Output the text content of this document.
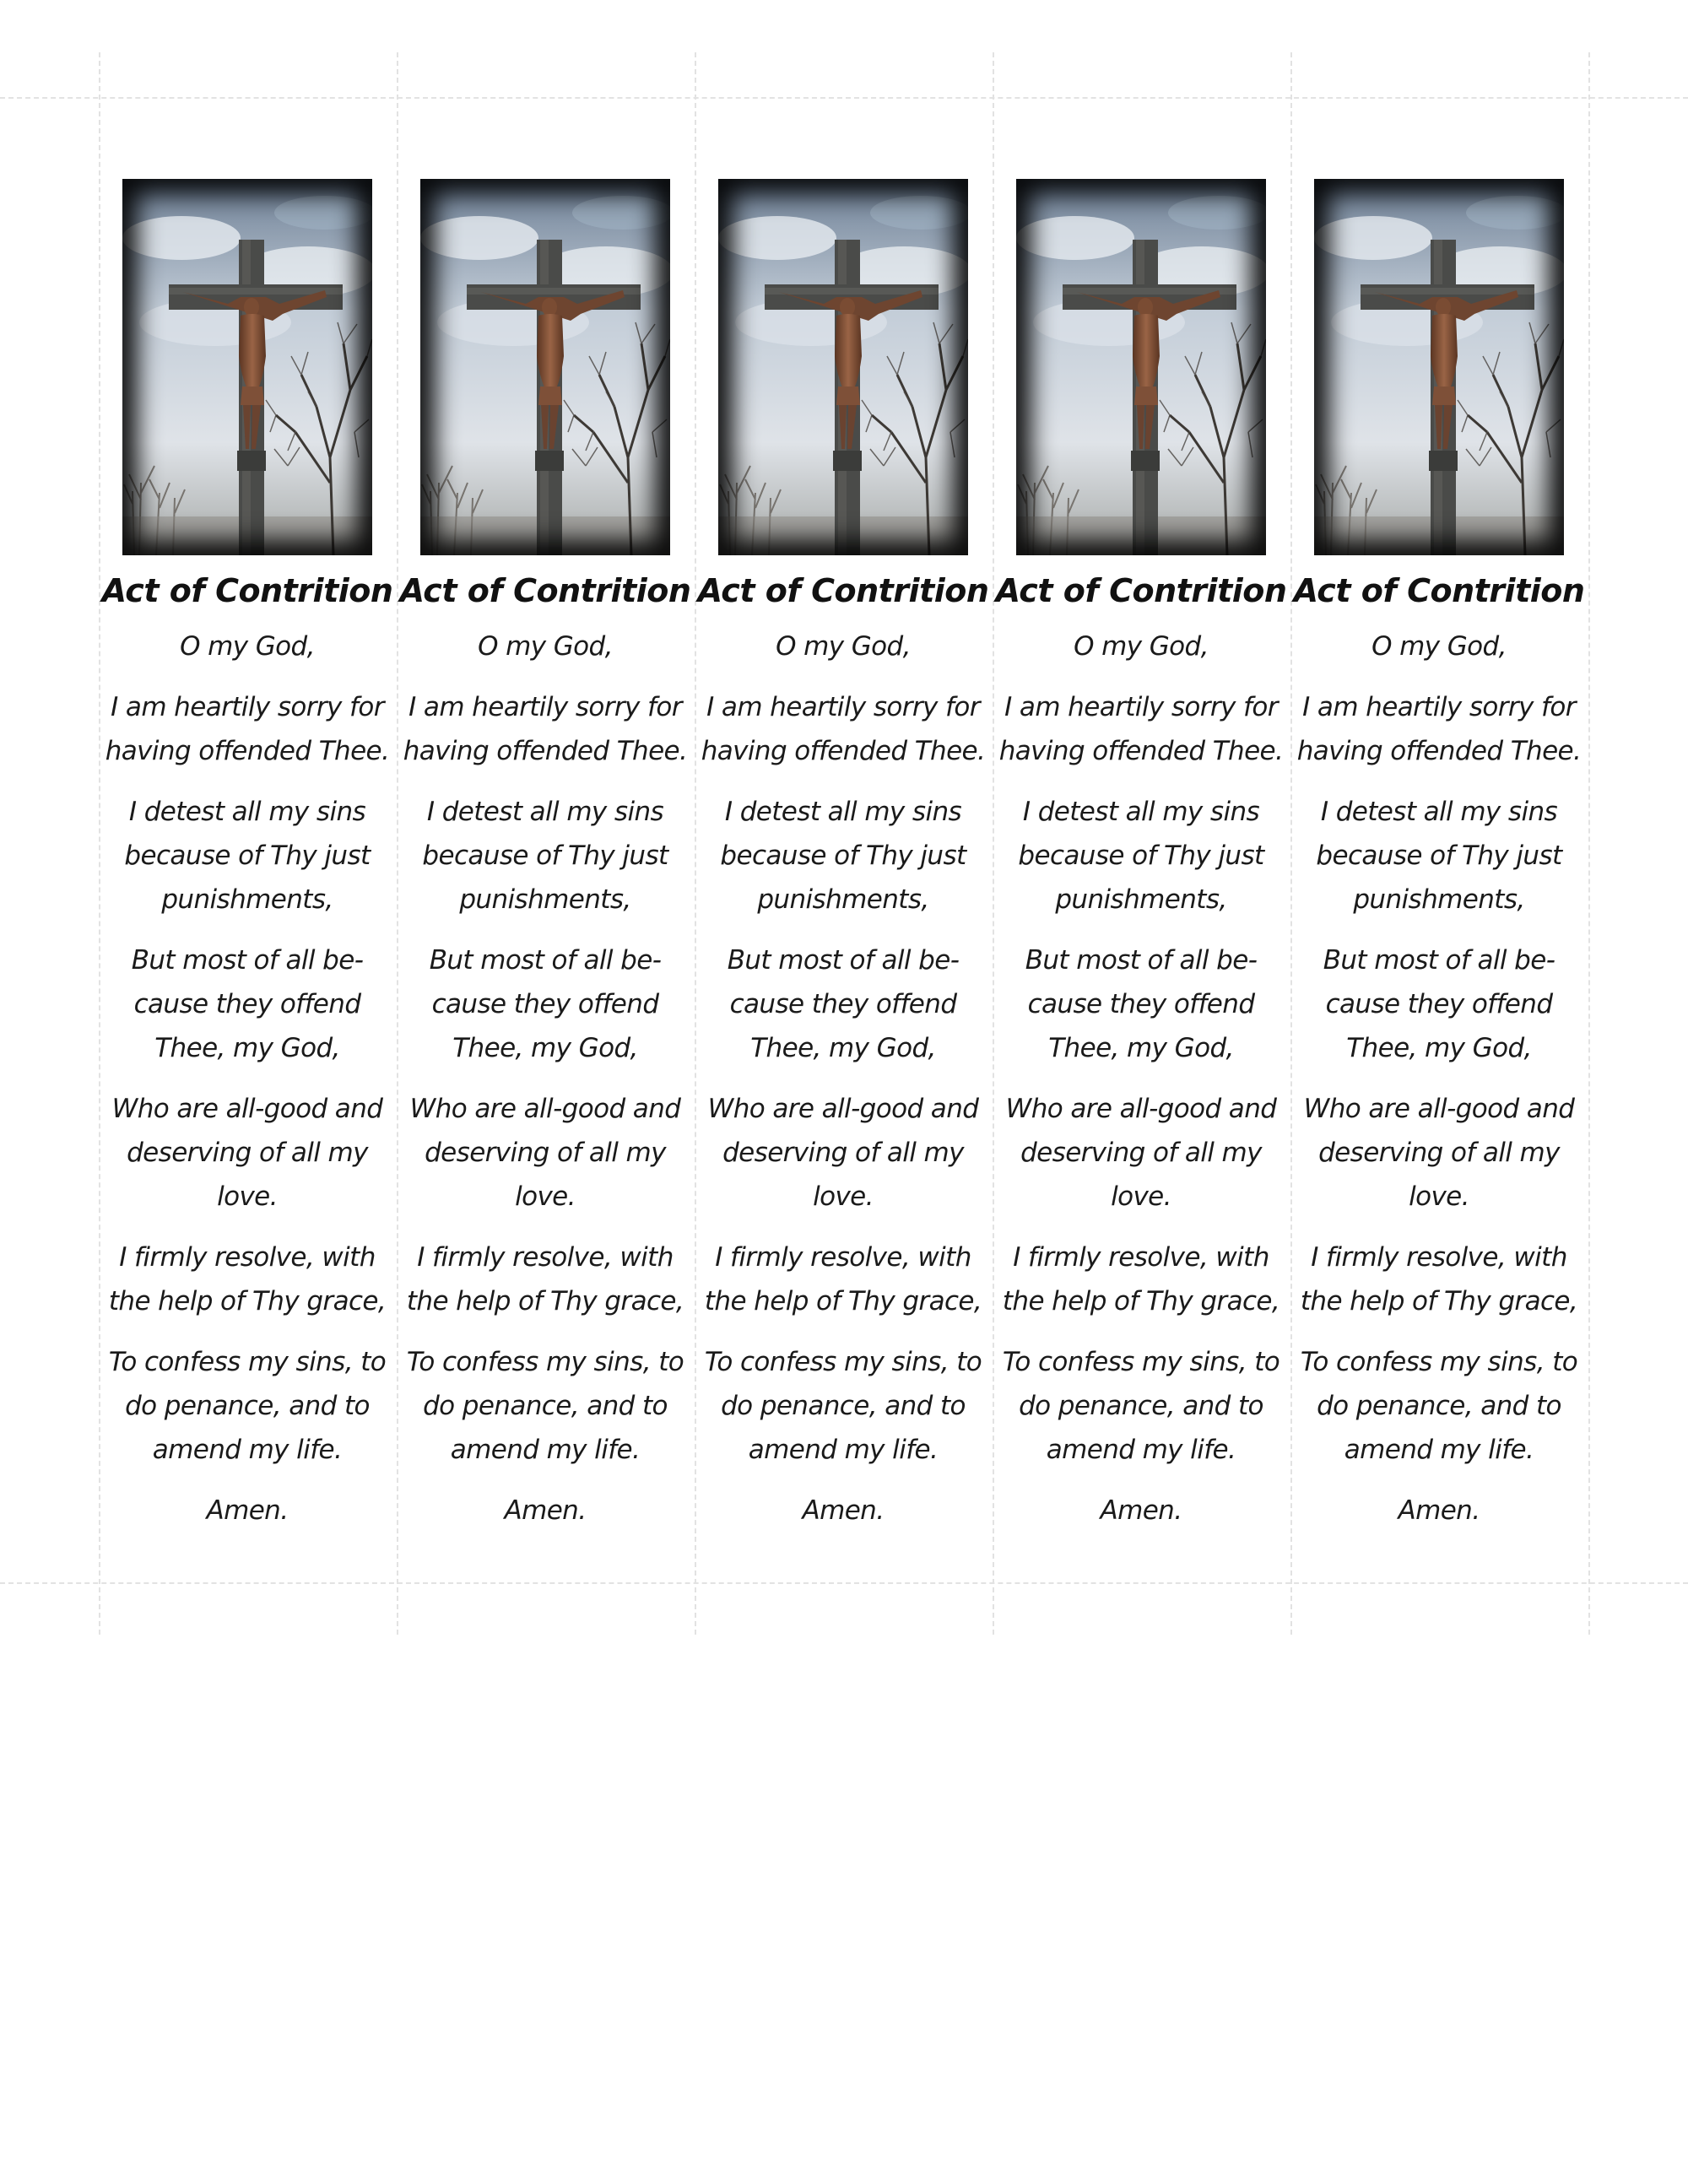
Act of Contrition

O my God,

I am heartily sorry for
having offended Thee.

I detest all my sins
because of Thy just
punishments,

But most of all be-
cause they offend
Thee, my God,

Who are all-good and
deserving of all my
love.

I firmly resolve, with
the help of Thy grace,

To confess my sins, to
do penance, and to
amend my life.

Amen.

Act of Contrition

O my God,

I am heartily sorry for
having offended Thee.

I detest all my sins
because of Thy just
punishments,

But most of all be-
cause they offend
Thee, my God,

Who are all-good and
deserving of all my
love.

I firmly resolve, with
the help of Thy grace,

To confess my sins, to
do penance, and to
amend my life.

Amen.

Act of Contrition

O my God,

I am heartily sorry for
having offended Thee.

I detest all my sins
because of Thy just
punishments,

But most of all be-
cause they offend
Thee, my God,

Who are all-good and
deserving of all my
love.

I firmly resolve, with
the help of Thy grace,

To confess my sins, to
do penance, and to
amend my life.

Amen.

Act of Contrition

O my God,

I am heartily sorry for
having offended Thee.

I detest all my sins
because of Thy just
punishments,

But most of all be-
cause they offend
Thee, my God,

Who are all-good and
deserving of all my
love.

I firmly resolve, with
the help of Thy grace,

To confess my sins, to
do penance, and to
amend my life.

Amen.

Act of Contrition

O my God,

I am heartily sorry for
having offended Thee.

I detest all my sins
because of Thy just
punishments,

But most of all be-
cause they offend
Thee, my God,

Who are all-good and
deserving of all my
love.

I firmly resolve, with
the help of Thy grace,

To confess my sins, to
do penance, and to
amend my life.

Amen.
